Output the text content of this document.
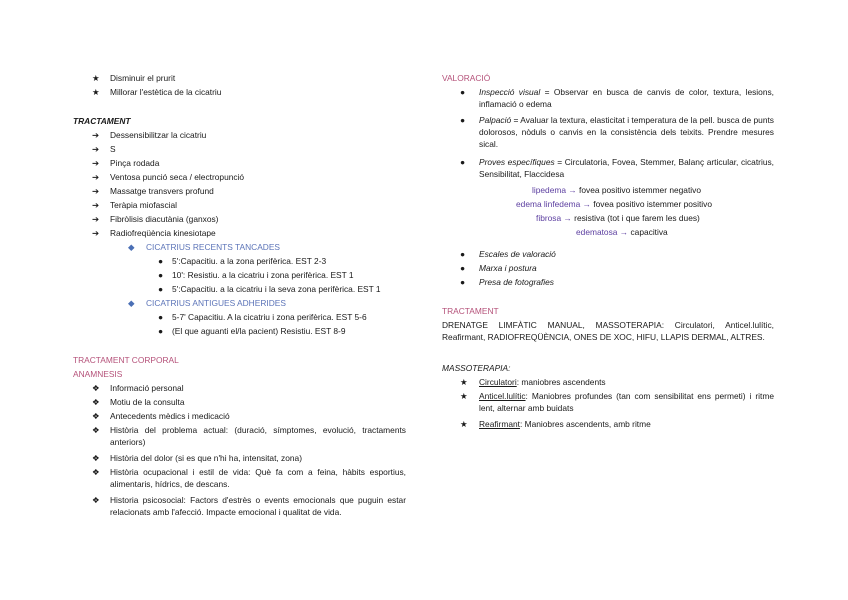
★ Disminuir el prurit
★ Millorar l'estètica de la cicatriu
TRACTAMENT
➔ Dessensibilitzar la cicatriu
➔ S
➔ Pinça rodada
➔ Ventosa punció seca / electropunció
➔ Massatge transvers profund
➔ Teràpia miofascial
➔ Fibròlisis diacutània (ganxos)
➔ Radiofreqüència kinesiotape
◆ CICATRIUS RECENTS TANCADES
● 5':Capacitiu. a la zona perifèrica. EST 2-3
● 10': Resistiu. a la cicatriu i zona perifèrica. EST 1
● 5':Capacitiu. a la cicatriu i la seva zona perifèrica. EST 1
◆ CICATRIUS ANTIGUES ADHERIDES
● 5-7' Capacitiu. A la cicatriu i zona perifèrica. EST 5-6
● (El que aguanti el/la pacient) Resistiu. EST 8-9
TRACTAMENT CORPORAL
ANAMNESIS
❖ Informació personal
❖ Motiu de la consulta
❖ Antecedents mèdics i medicació
❖ Història del problema actual: (duració, símptomes, evolució, tractaments anteriors)
❖ Història del dolor (si es que n'hi ha, intensitat, zona)
❖ Història ocupacional i estil de vida: Què fa com a feina, hàbits esportius, alimentaris, hídrics, de descans.
❖ Historia psicosocial: Factors d'estrès o events emocionals que puguin estar relacionats amb l'afecció. Impacte emocional i qualitat de vida.
VALORACIÓ
● Inspecció visual = Observar en busca de canvis de color, textura, lesions, inflamació o edema
● Palpació = Avaluar la textura, elasticitat i temperatura de la pell. busca de punts dolorosos, nòduls o canvis en la consistència dels teixits. Prendre mesures sical.
● Proves específiques = Circulatoria, Fovea, Stemmer, Balanç articular, cicatrius, Sensibilitat, Flaccidesa
lipedema → fovea positivo istemmer negativo
edema linfedema → fovea positivo istemmer positivo
fibrosa → resistiva (tot i que farem les dues)
edematosa → capacitiva
● Escales de valoració
● Marxa i postura
● Presa de fotografies
TRACTAMENT
DRENATGE LIMFÀTIC MANUAL, MASSOTERAPIA: Circulatori, Anticel.lulític, Reafirmant, RADIOFREQÜÈNCIA, ONES DE XOC, HIFU, LLAPIS DERMAL, ALTRES.
MASSOTERAPIA:
★ Circulatori: maniobres ascendents
★ Anticel.lulític: Maniobres profundes (tan com sensibilitat ens permeti) i ritme lent, alternar amb buidats
★ Reafirmant: Maniobres ascendents, amb ritme
